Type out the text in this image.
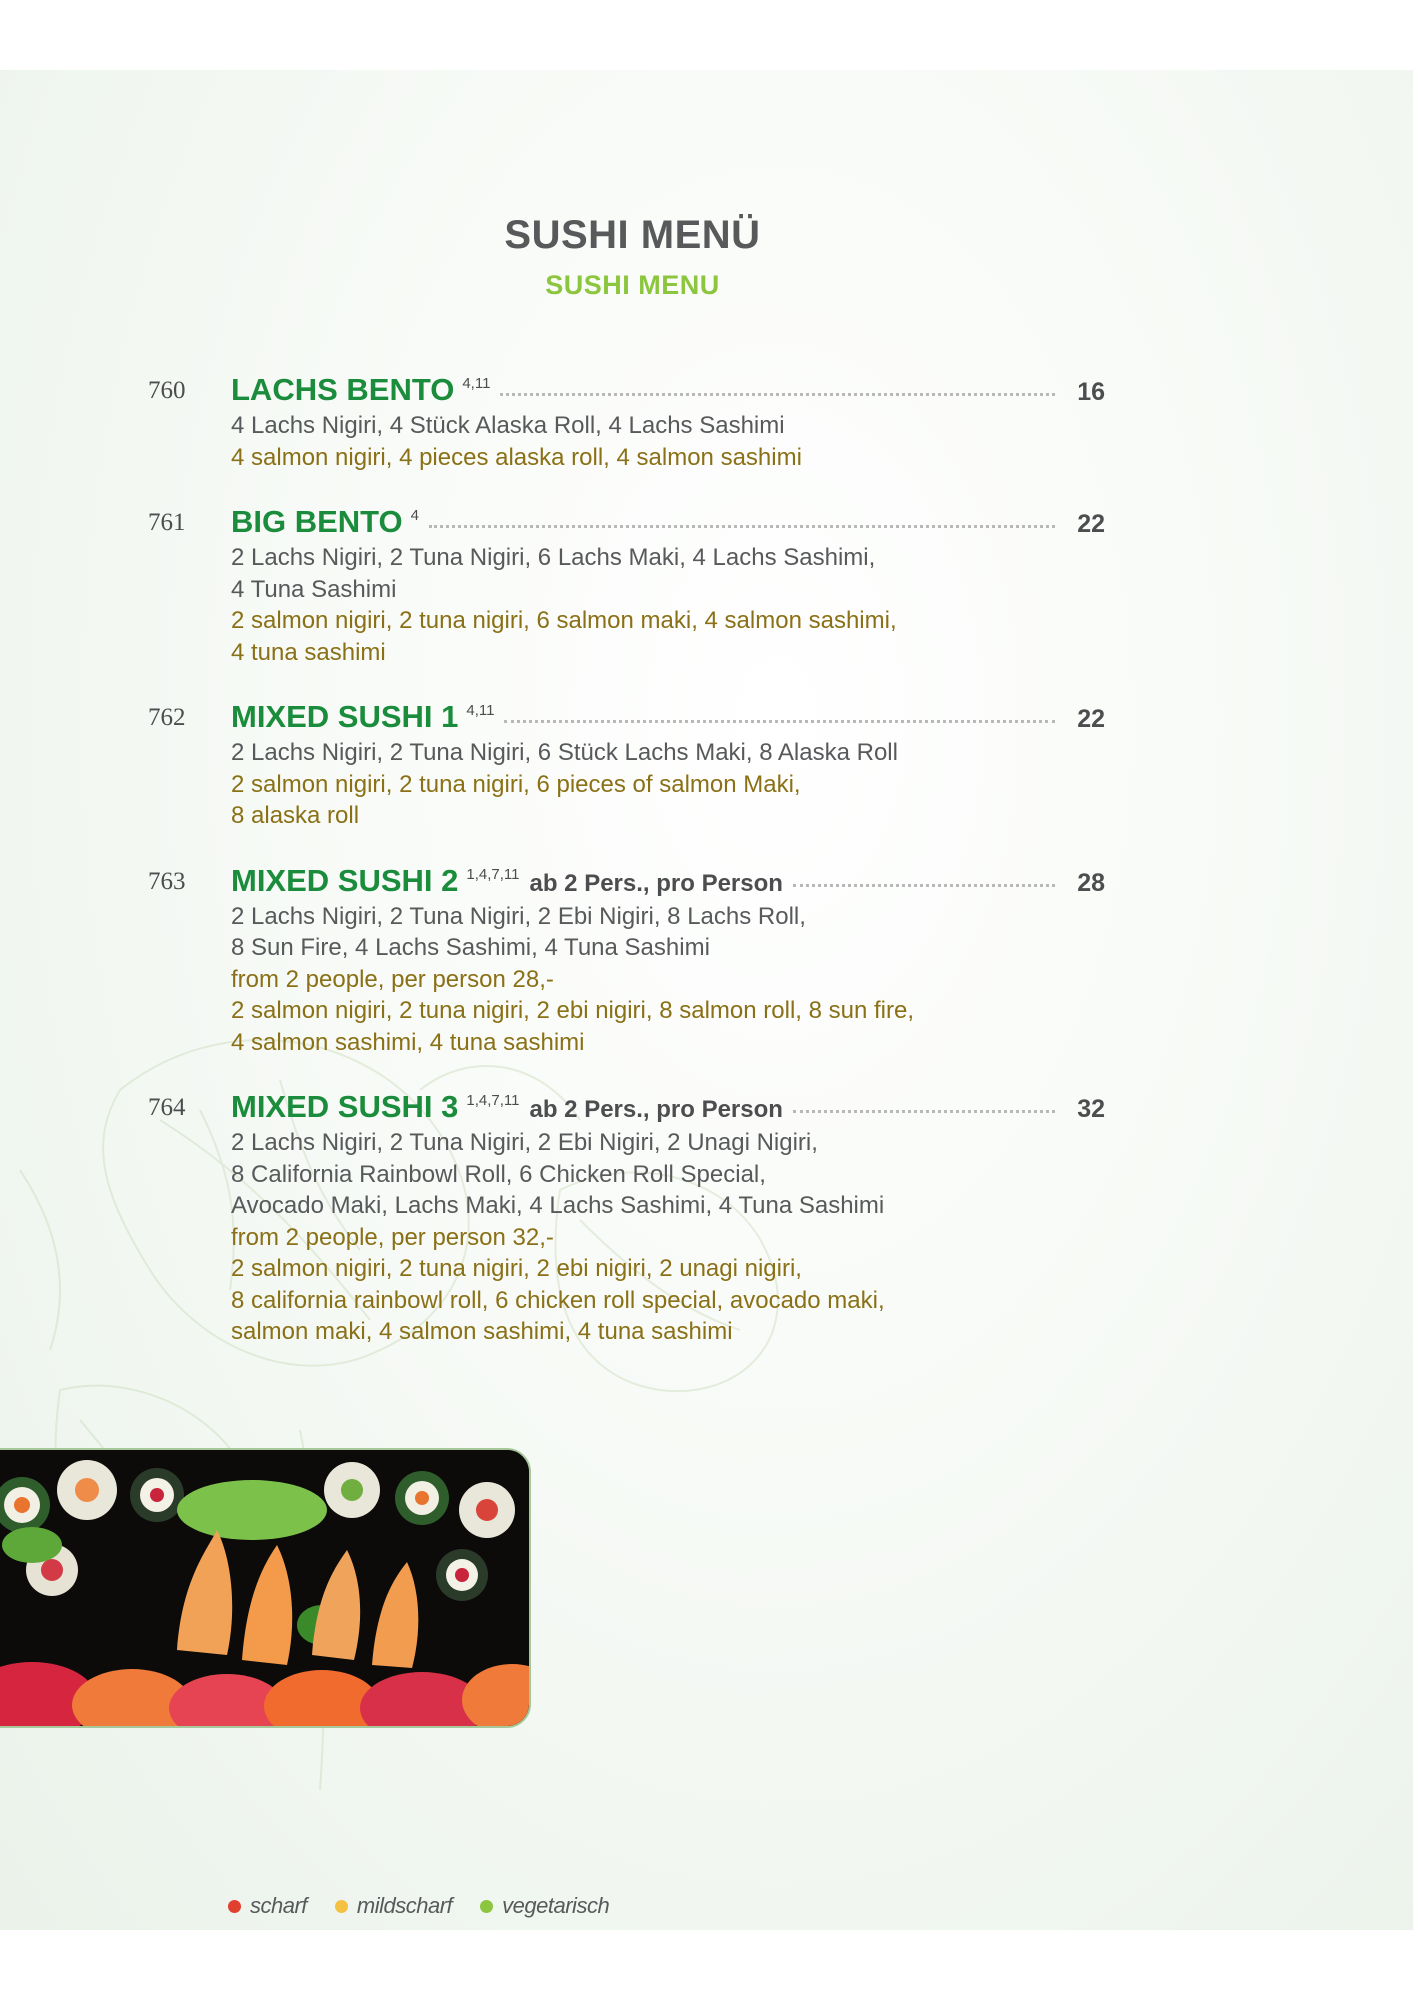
SUSHI MENÜ
SUSHI MENU
760	LACHS BENTO 4,11	16
4 Lachs Nigiri, 4 Stück Alaska Roll, 4 Lachs Sashimi
4 salmon nigiri, 4 pieces alaska roll, 4 salmon sashimi
761	BIG BENTO 4	22
2 Lachs Nigiri, 2 Tuna Nigiri, 6 Lachs Maki, 4 Lachs Sashimi,
4 Tuna Sashimi
2 salmon nigiri, 2 tuna nigiri, 6 salmon maki, 4 salmon sashimi,
4 tuna sashimi
762	MIXED SUSHI 1 4,11	22
2 Lachs Nigiri, 2 Tuna Nigiri, 6 Stück Lachs Maki, 8 Alaska Roll
2 salmon nigiri, 2 tuna nigiri, 6 pieces of salmon Maki,
8 alaska roll
763	MIXED SUSHI 2 1,4,7,11 ab 2 Pers., pro Person	28
2 Lachs Nigiri, 2 Tuna Nigiri, 2 Ebi Nigiri, 8 Lachs Roll,
8 Sun Fire, 4 Lachs Sashimi, 4 Tuna Sashimi
from 2 people, per person 28,-
2 salmon nigiri, 2 tuna nigiri, 2 ebi nigiri, 8 salmon roll, 8 sun fire,
4 salmon sashimi, 4 tuna sashimi
764	MIXED SUSHI 3 1,4,7,11 ab 2 Pers., pro Person	32
2 Lachs Nigiri, 2 Tuna Nigiri, 2 Ebi Nigiri, 2 Unagi Nigiri,
8 California Rainbowl Roll, 6 Chicken Roll Special,
Avocado Maki, Lachs Maki, 4 Lachs Sashimi, 4 Tuna Sashimi
from 2 people, per person 32,-
2 salmon nigiri, 2 tuna nigiri, 2 ebi nigiri, 2 unagi nigiri,
8 california rainbowl roll, 6 chicken roll special, avocado maki,
salmon maki, 4 salmon sashimi, 4 tuna sashimi
scharf mildscharf vegetarisch
